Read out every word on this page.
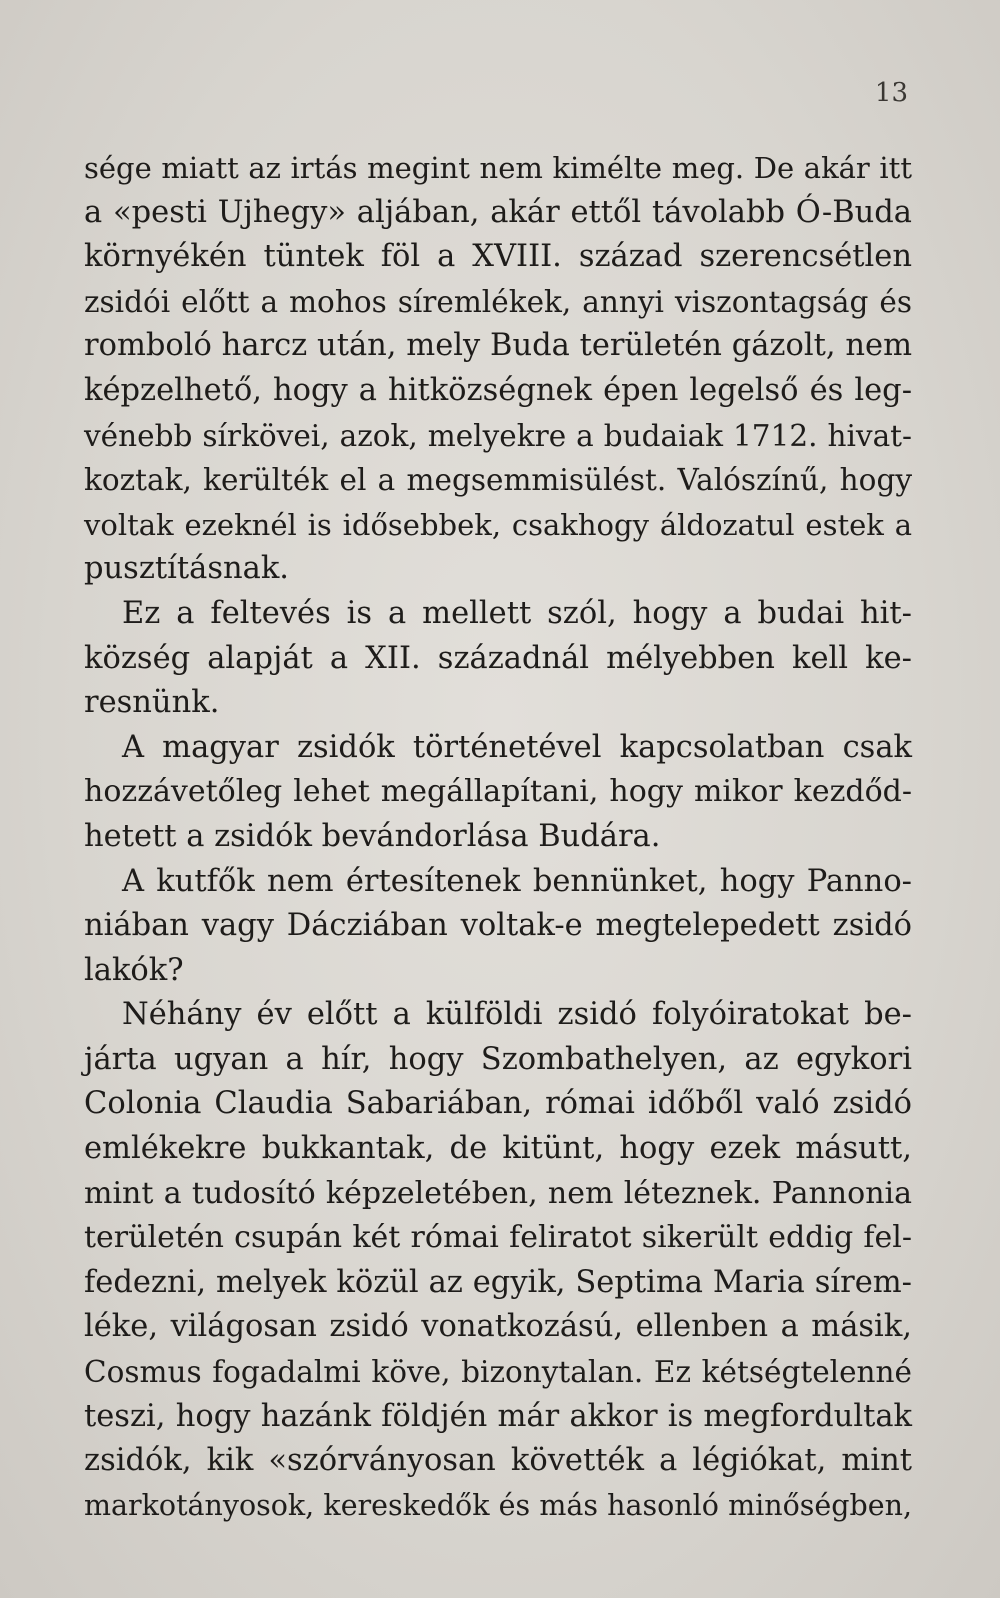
13
sége miatt az irtás megint nem kimélte meg. De akár itt
a «pesti Ujhegy» aljában, akár ettől távolabb Ó-Buda
környékén tüntek föl a XVIII. század szerencsétlen
zsidói előtt a mohos síremlékek, annyi viszontagság és
romboló harcz után, mely Buda területén gázolt, nem
képzelhető, hogy a hitközségnek épen legelső és leg-
vénebb sírkövei, azok, melyekre a budaiak 1712. hivat-
koztak, kerülték el a megsemmisülést. Valószínű, hogy
voltak ezeknél is idősebbek, csakhogy áldozatul estek a
pusztításnak.
Ez a feltevés is a mellett szól, hogy a budai hit-
község alapját a XII. századnál mélyebben kell ke-
resnünk.
A magyar zsidók történetével kapcsolatban csak
hozzávetőleg lehet megállapítani, hogy mikor kezdőd-
hetett a zsidók bevándorlása Budára.
A kutfők nem értesítenek bennünket, hogy Panno-
niában vagy Dácziában voltak-e megtelepedett zsidó
lakók?
Néhány év előtt a külföldi zsidó folyóiratokat be-
járta ugyan a hír, hogy Szombathelyen, az egykori
Colonia Claudia Sabariában, római időből való zsidó
emlékekre bukkantak, de kitünt, hogy ezek másutt,
mint a tudosító képzeletében, nem léteznek. Pannonia
területén csupán két római feliratot sikerült eddig fel-
fedezni, melyek közül az egyik, Septima Maria sírem-
léke, világosan zsidó vonatkozású, ellenben a másik,
Cosmus fogadalmi köve, bizonytalan. Ez kétségtelenné
teszi, hogy hazánk földjén már akkor is megfordultak
zsidók, kik «szórványosan követték a légiókat, mint
markotányosok, kereskedők és más hasonló minőségben,
